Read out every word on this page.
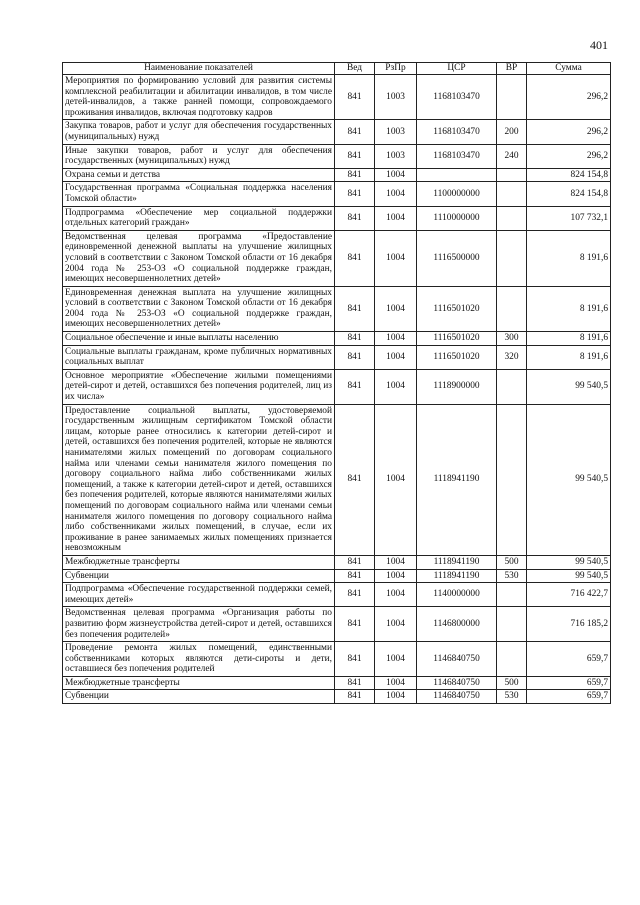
401
Наименование показателей	Вед	РзПр	ЦСР	ВР	Сумма
Мероприятия по формированию условий для развития системы комплексной реабилитации и абилитации инвалидов, в том числе детей-инвалидов, а также ранней помощи, сопровождаемого проживания инвалидов, включая подготовку кадров	841	1003	1168103470		296,2
Закупка товаров, работ и услуг для обеспечения государственных (муниципальных) нужд	841	1003	1168103470	200	296,2
Иные закупки товаров, работ и услуг для обеспечения государственных (муниципальных) нужд	841	1003	1168103470	240	296,2
Охрана семьи и детства	841	1004			824 154,8
Государственная программа «Социальная поддержка населения Томской области»	841	1004	1100000000		824 154,8
Подпрограмма «Обеспечение мер социальной поддержки отдельных категорий граждан»	841	1004	1110000000		107 732,1
Ведомственная целевая программа «Предоставление единовременной денежной выплаты на улучшение жилищных условий в соответствии с Законом Томской области от 16 декабря 2004 года № 253-ОЗ «О социальной поддержке граждан, имеющих несовершеннолетних детей»	841	1004	1116500000		8 191,6
Единовременная денежная выплата на улучшение жилищных условий в соответствии с Законом Томской области от 16 декабря 2004 года № 253-ОЗ «О социальной поддержке граждан, имеющих несовершеннолетних детей»	841	1004	1116501020		8 191,6
Социальное обеспечение и иные выплаты населению	841	1004	1116501020	300	8 191,6
Социальные выплаты гражданам, кроме публичных нормативных социальных выплат	841	1004	1116501020	320	8 191,6
Основное мероприятие «Обеспечение жилыми помещениями детей-сирот и детей, оставшихся без попечения родителей, лиц из их числа»	841	1004	1118900000		99 540,5
Предоставление социальной выплаты, удостоверяемой государственным жилищным сертификатом Томской области лицам, которые ранее относились к категории детей-сирот и детей, оставшихся без попечения родителей, которые не являются нанимателями жилых помещений по договорам социального найма или членами семьи нанимателя жилого помещения по договору социального найма либо собственниками жилых помещений, а также к категории детей-сирот и детей, оставшихся без попечения родителей, которые являются нанимателями жилых помещений по договорам социального найма или членами семьи нанимателя жилого помещения по договору социального найма либо собственниками жилых помещений, в случае, если их проживание в ранее занимаемых жилых помещениях признается невозможным	841	1004	1118941190		99 540,5
Межбюджетные трансферты	841	1004	1118941190	500	99 540,5
Субвенции	841	1004	1118941190	530	99 540,5
Подпрограмма «Обеспечение государственной поддержки семей, имеющих детей»	841	1004	1140000000		716 422,7
Ведомственная целевая программа «Организация работы по развитию форм жизнеустройства детей-сирот и детей, оставшихся без попечения родителей»	841	1004	1146800000		716 185,2
Проведение ремонта жилых помещений, единственными собственниками которых являются дети-сироты и дети, оставшиеся без попечения родителей	841	1004	1146840750		659,7
Межбюджетные трансферты	841	1004	1146840750	500	659,7
Субвенции	841	1004	1146840750	530	659,7
